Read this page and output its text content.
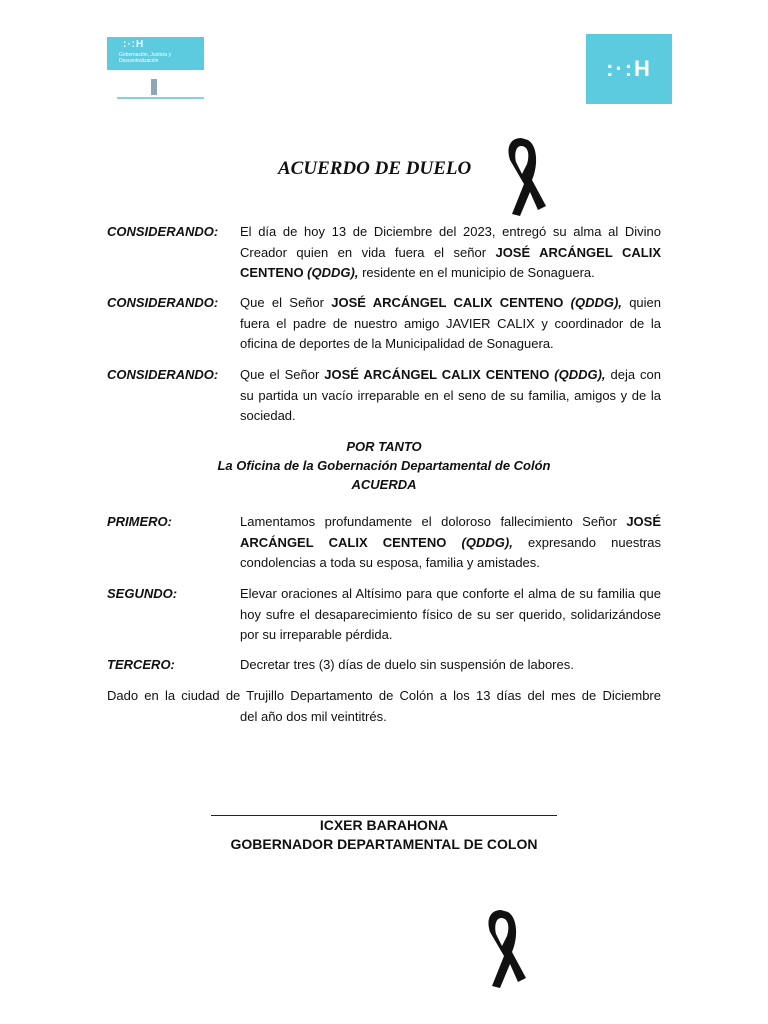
:·:H
Gobernación, Justicia y Descentralización	:·:H
ACUERDO DE DUELO
CONSIDERANDO: El día de hoy 13 de Diciembre del 2023, entregó su alma al Divino Creador quien en vida fuera el señor JOSÉ ARCÁNGEL CALIX CENTENO (QDDG), residente en el municipio de Sonaguera.
CONSIDERANDO: Que el Señor JOSÉ ARCÁNGEL CALIX CENTENO (QDDG), quien fuera el padre de nuestro amigo JAVIER CALIX y coordinador de la oficina de deportes de la Municipalidad de Sonaguera.
CONSIDERANDO: Que el Señor JOSÉ ARCÁNGEL CALIX CENTENO (QDDG), deja con su partida un vacío irreparable en el seno de su familia, amigos y de la sociedad.
POR TANTO
La Oficina de la Gobernación Departamental de Colón
ACUERDA
PRIMERO:	Lamentamos profundamente el doloroso fallecimiento Señor JOSÉ ARCÁNGEL CALIX CENTENO (QDDG), expresando nuestras condolencias a toda su esposa, familia y amistades.
SEGUNDO:	Elevar oraciones al Altísimo para que conforte el alma de su familia que hoy sufre el desaparecimiento físico de su ser querido, solidarizándose por su irreparable pérdida.
TERCERO:	Decretar tres (3) días de duelo sin suspensión de labores.
Dado en la ciudad de Trujillo Departamento de Colón a los 13 días del mes de Diciembre
del año dos mil veintitrés.
ICXER BARAHONA
GOBERNADOR DEPARTAMENTAL DE COLON
